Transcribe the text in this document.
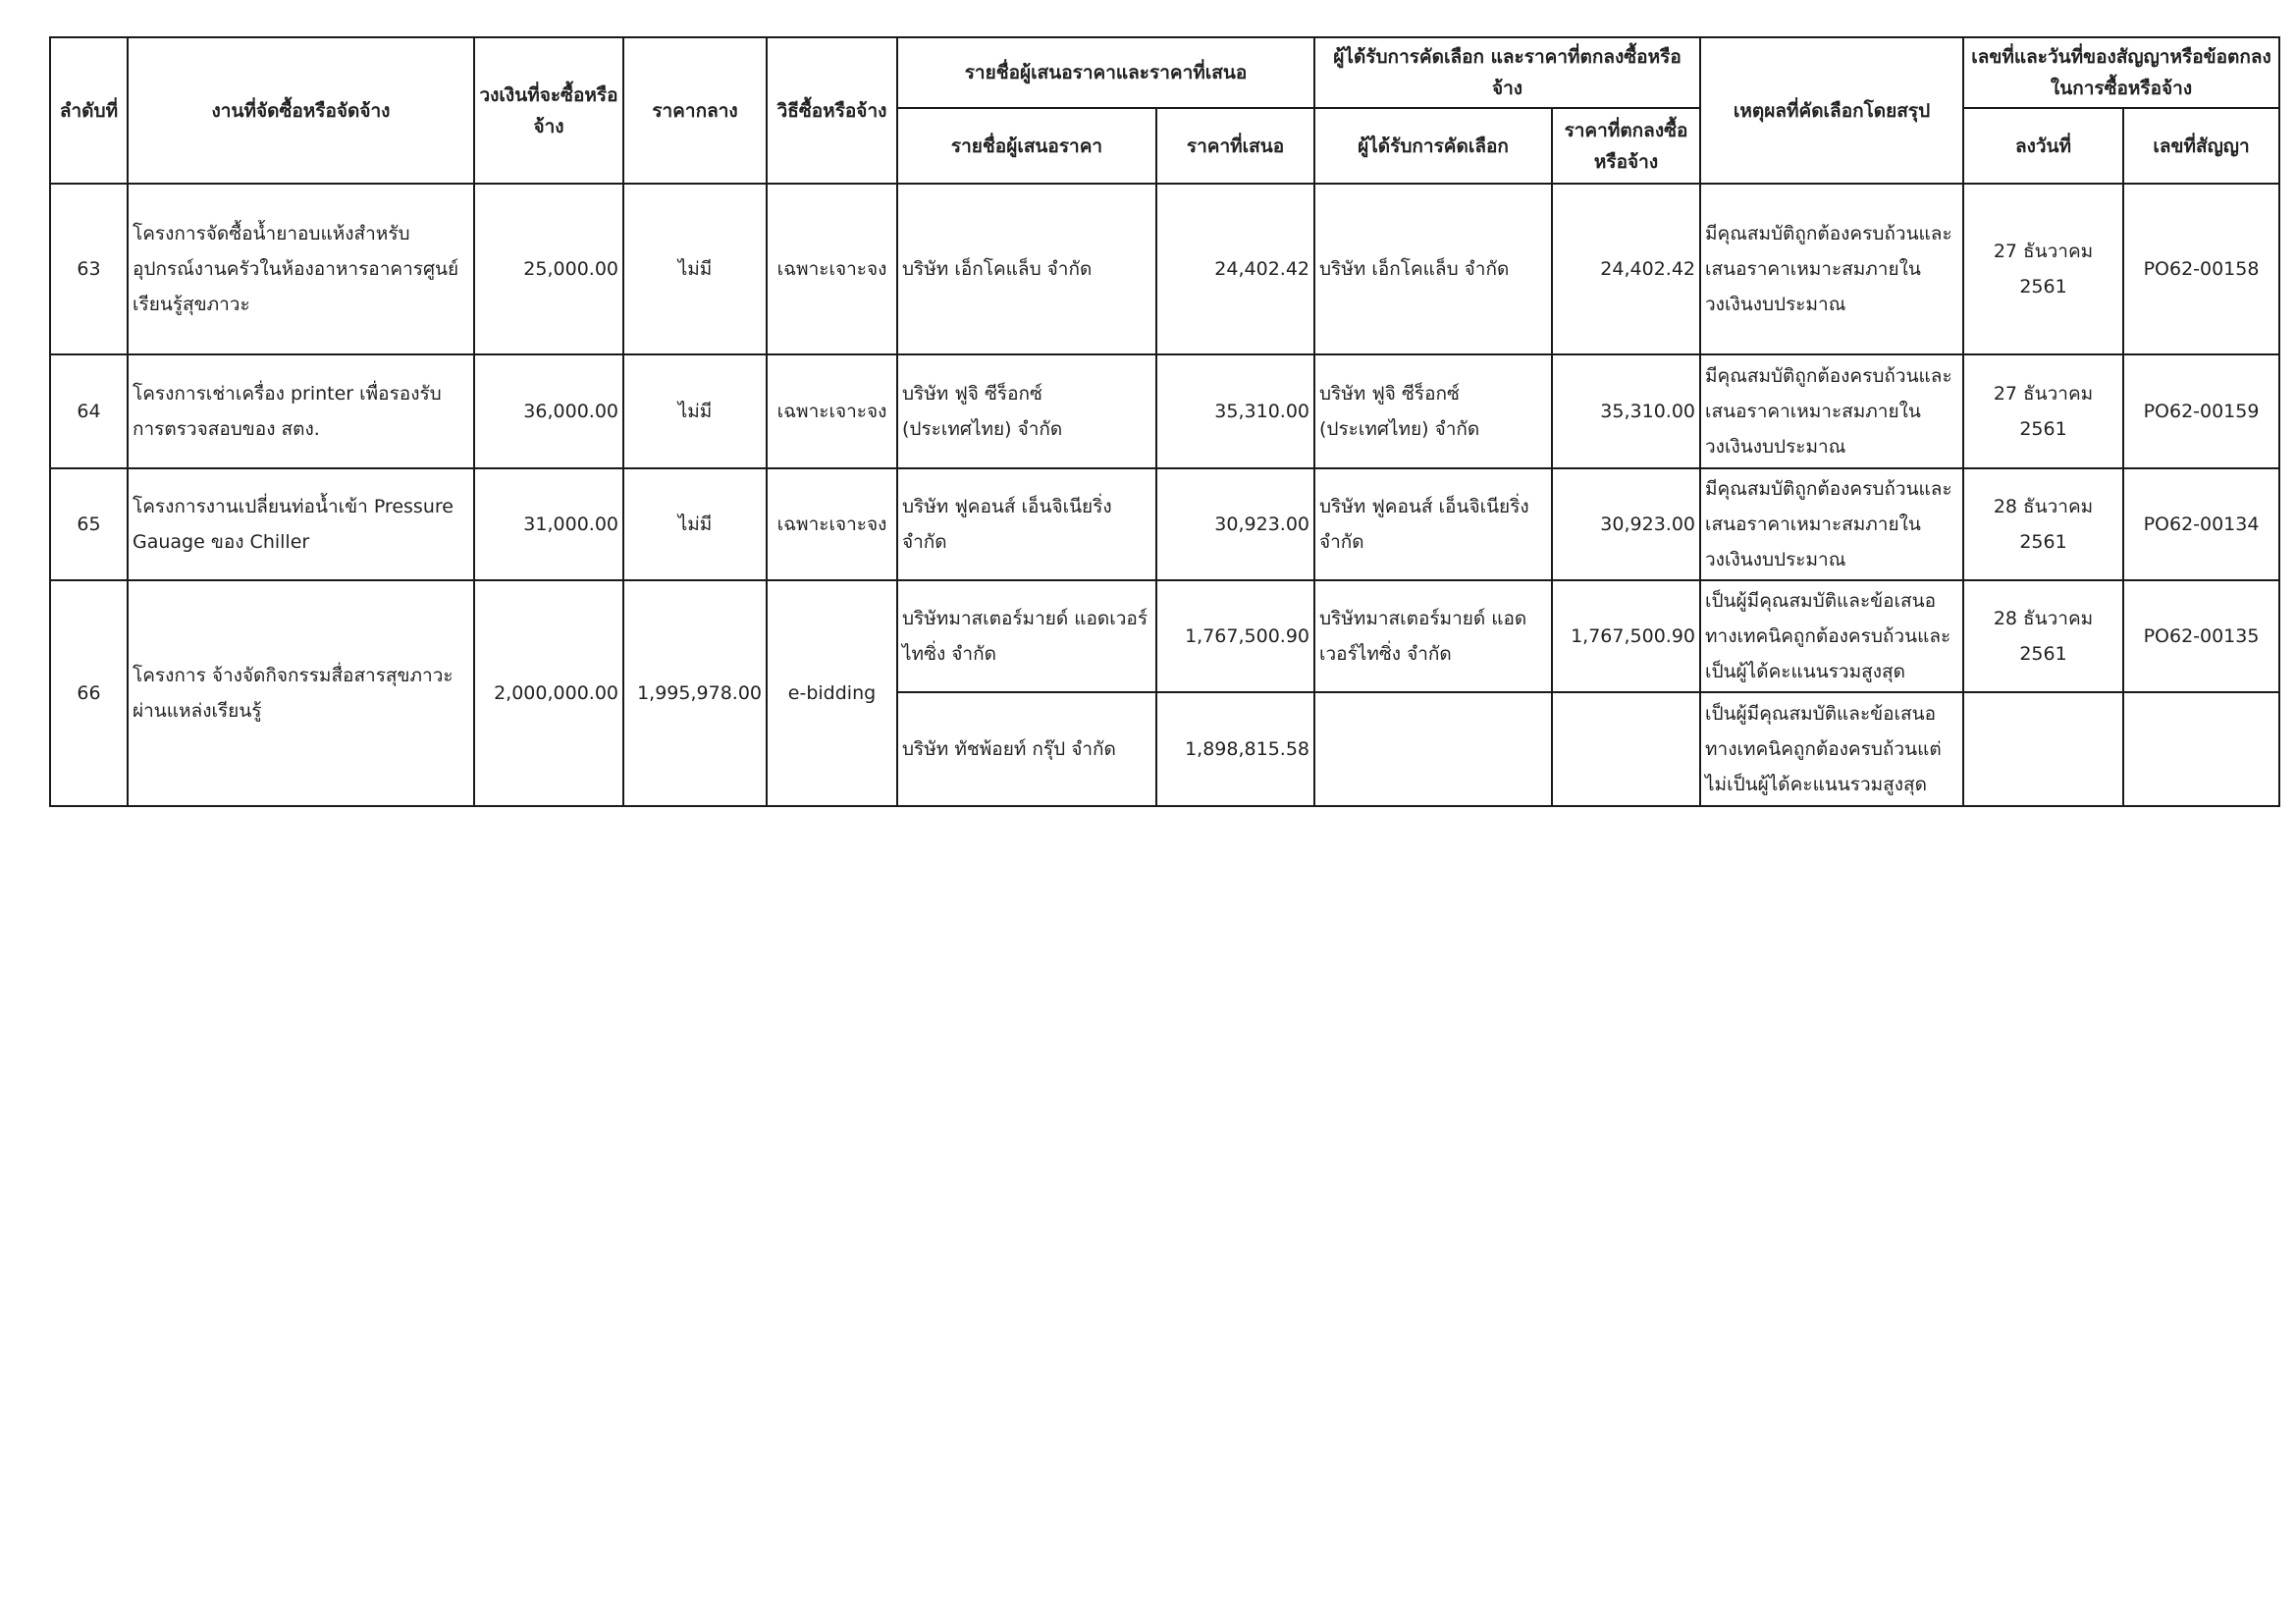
ลำดับที่	งานที่จัดซื้อหรือจัดจ้าง	วงเงินที่จะซื้อหรือจ้าง	ราคากลาง	วิธีซื้อหรือจ้าง	รายชื่อผู้เสนอราคาและราคาที่เสนอ		ผู้ได้รับการคัดเลือก และราคาที่ตกลงซื้อหรือจ้าง		เหตุผลที่คัดเลือกโดยสรุป	เลขที่และวันที่ของสัญญาหรือข้อตกลงในการซื้อหรือจ้าง	
					รายชื่อผู้เสนอราคา	ราคาที่เสนอ	ผู้ได้รับการคัดเลือก	ราคาที่ตกลงซื้อหรือจ้าง		ลงวันที่	เลขที่สัญญา
63	โครงการจัดซื้อน้ำยาอบแห้งสำหรับอุปกรณ์งานครัวในห้องอาหารอาคารศูนย์เรียนรู้สุขภาวะ	25,000.00	ไม่มี	เฉพาะเจาะจง	บริษัท เอ็กโคแล็บ จำกัด	24,402.42	บริษัท เอ็กโคแล็บ จำกัด	24,402.42	มีคุณสมบัติถูกต้องครบถ้วนและเสนอราคาเหมาะสมภายในวงเงินงบประมาณ	27 ธันวาคม 2561	PO62-00158
64	โครงการเช่าเครื่อง printer เพื่อรองรับการตรวจสอบของ สตง.	36,000.00	ไม่มี	เฉพาะเจาะจง	บริษัท ฟูจิ ซีร็อกซ์ (ประเทศไทย) จำกัด	35,310.00	บริษัท ฟูจิ ซีร็อกซ์ (ประเทศไทย) จำกัด	35,310.00	มีคุณสมบัติถูกต้องครบถ้วนและเสนอราคาเหมาะสมภายในวงเงินงบประมาณ	27 ธันวาคม 2561	PO62-00159
65	โครงการงานเปลี่ยนท่อน้ำเข้า Pressure Gauage ของ Chiller	31,000.00	ไม่มี	เฉพาะเจาะจง	บริษัท ฟูคอนส์ เอ็นจิเนียริ่ง จำกัด	30,923.00	บริษัท ฟูคอนส์ เอ็นจิเนียริ่ง จำกัด	30,923.00	มีคุณสมบัติถูกต้องครบถ้วนและเสนอราคาเหมาะสมภายในวงเงินงบประมาณ	28 ธันวาคม 2561	PO62-00134
66	โครงการ จ้างจัดกิจกรรมสื่อสารสุขภาวะผ่านแหล่งเรียนรู้	2,000,000.00	1,995,978.00	e-bidding	บริษัทมาสเตอร์มายด์ แอดเวอร์ไทซิ่ง จำกัด	1,767,500.90	บริษัทมาสเตอร์มายด์ แอดเวอร์ไทซิ่ง จำกัด	1,767,500.90	เป็นผู้มีคุณสมบัติและข้อเสนอทางเทคนิคถูกต้องครบถ้วนและเป็นผู้ได้คะแนนรวมสูงสุด	28 ธันวาคม 2561	PO62-00135
					บริษัท ทัชพ้อยท์ กรุ๊ป จำกัด	1,898,815.58			เป็นผู้มีคุณสมบัติและข้อเสนอทางเทคนิคถูกต้องครบถ้วนแต่ไม่เป็นผู้ได้คะแนนรวมสูงสุด		
